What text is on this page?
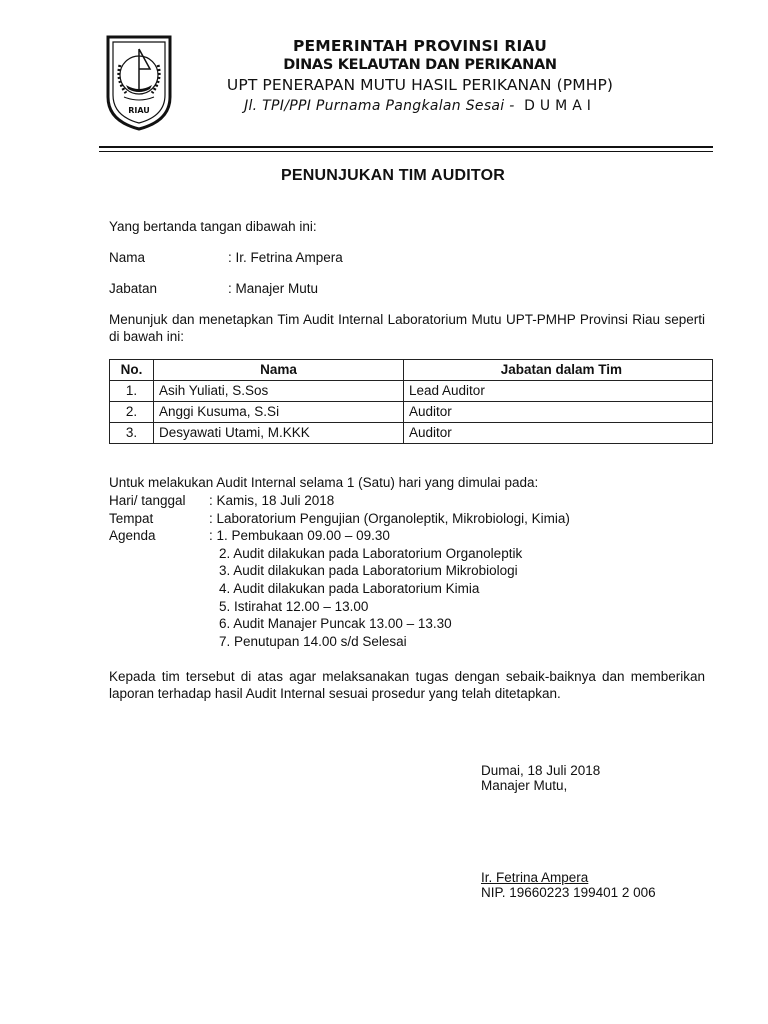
RIAU
PEMERINTAH PROVINSI RIAU
DINAS KELAUTAN DAN PERIKANAN
UPT PENERAPAN MUTU HASIL PERIKANAN (PMHP)
Jl. TPI/PPI Purnama Pangkalan Sesai - DUMAI
PENUNJUKAN TIM AUDITOR
Yang bertanda tangan dibawah ini:
Nama	: Ir. Fetrina Ampera
Jabatan	: Manajer Mutu
Menunjuk dan menetapkan Tim Audit Internal Laboratorium Mutu UPT-PMHP Provinsi Riau seperti di bawah ini:
No.	Nama	Jabatan dalam Tim
1.	Asih Yuliati, S.Sos	Lead Auditor
2.	Anggi Kusuma, S.Si	Auditor
3.	Desyawati Utami, M.KKK	Auditor
Untuk melakukan Audit Internal selama 1 (Satu) hari yang dimulai pada:
Hari/ tanggal : Kamis, 18 Juli 2018
Tempat	: Laboratorium Pengujian (Organoleptik, Mikrobiologi, Kimia)
Agenda	: 1. Pembukaan 09.00 – 09.30
2. Audit dilakukan pada Laboratorium Organoleptik
3. Audit dilakukan pada Laboratorium Mikrobiologi
4. Audit dilakukan pada Laboratorium Kimia
5. Istirahat 12.00 – 13.00
6. Audit Manajer Puncak 13.00 – 13.30
7. Penutupan 14.00 s/d Selesai
Kepada tim tersebut di atas agar melaksanakan tugas dengan sebaik-baiknya dan memberikan laporan terhadap hasil Audit Internal sesuai prosedur yang telah ditetapkan.
Dumai, 18 Juli 2018
Manajer Mutu,
Ir. Fetrina Ampera
NIP. 19660223 199401 2 006
